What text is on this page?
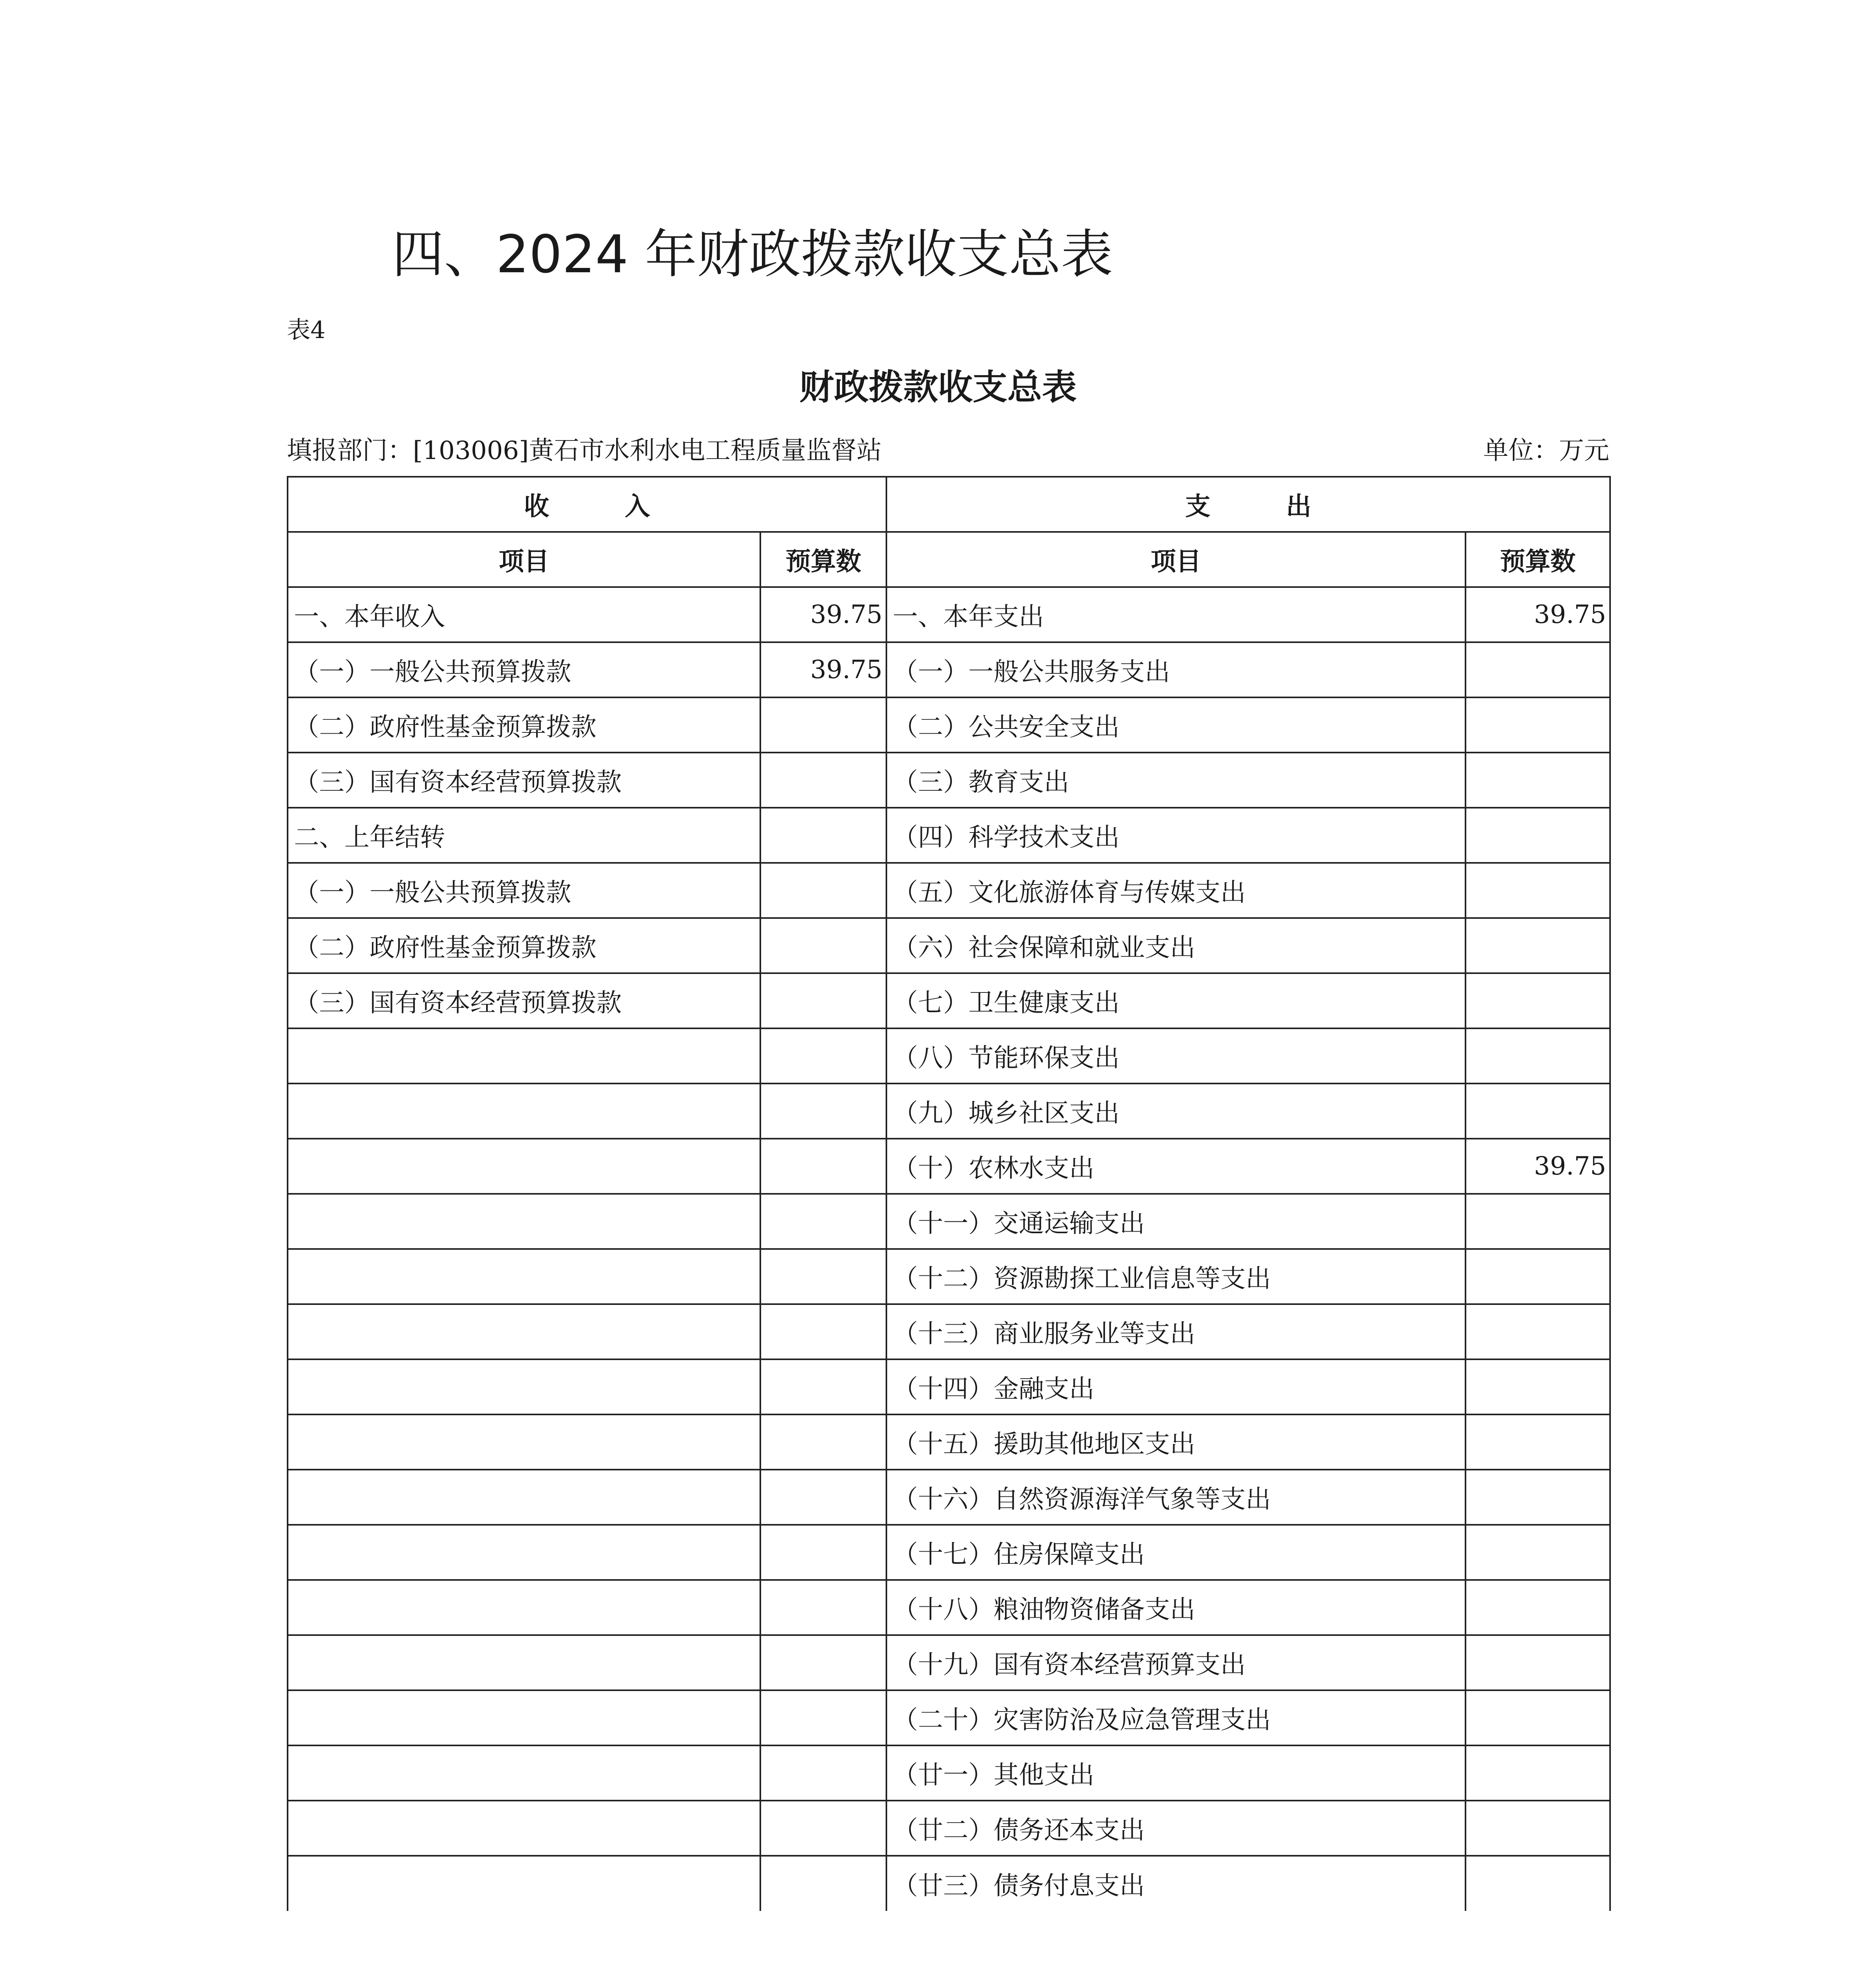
四、2024 年财政拨款收支总表
表4
财政拨款收支总表
填报部门：[103006]黄石市水利水电工程质量监督站	单位：万元
收　　　入		支　　　出	
项目	预算数	项目	预算数
一、本年收入	39.75	一、本年支出	39.75
（一）一般公共预算拨款	39.75	（一）一般公共服务支出	
（二）政府性基金预算拨款		（二）公共安全支出	
（三）国有资本经营预算拨款		（三）教育支出	
二、上年结转		（四）科学技术支出	
（一）一般公共预算拨款		（五）文化旅游体育与传媒支出	
（二）政府性基金预算拨款		（六）社会保障和就业支出	
（三）国有资本经营预算拨款		（七）卫生健康支出	
		（八）节能环保支出	
		（九）城乡社区支出	
		（十）农林水支出	39.75
		（十一）交通运输支出	
		（十二）资源勘探工业信息等支出	
		（十三）商业服务业等支出	
		（十四）金融支出	
		（十五）援助其他地区支出	
		（十六）自然资源海洋气象等支出	
		（十七）住房保障支出	
		（十八）粮油物资储备支出	
		（十九）国有资本经营预算支出	
		（二十）灾害防治及应急管理支出	
		（廿一）其他支出	
		（廿二）债务还本支出	
		（廿三）债务付息支出	
